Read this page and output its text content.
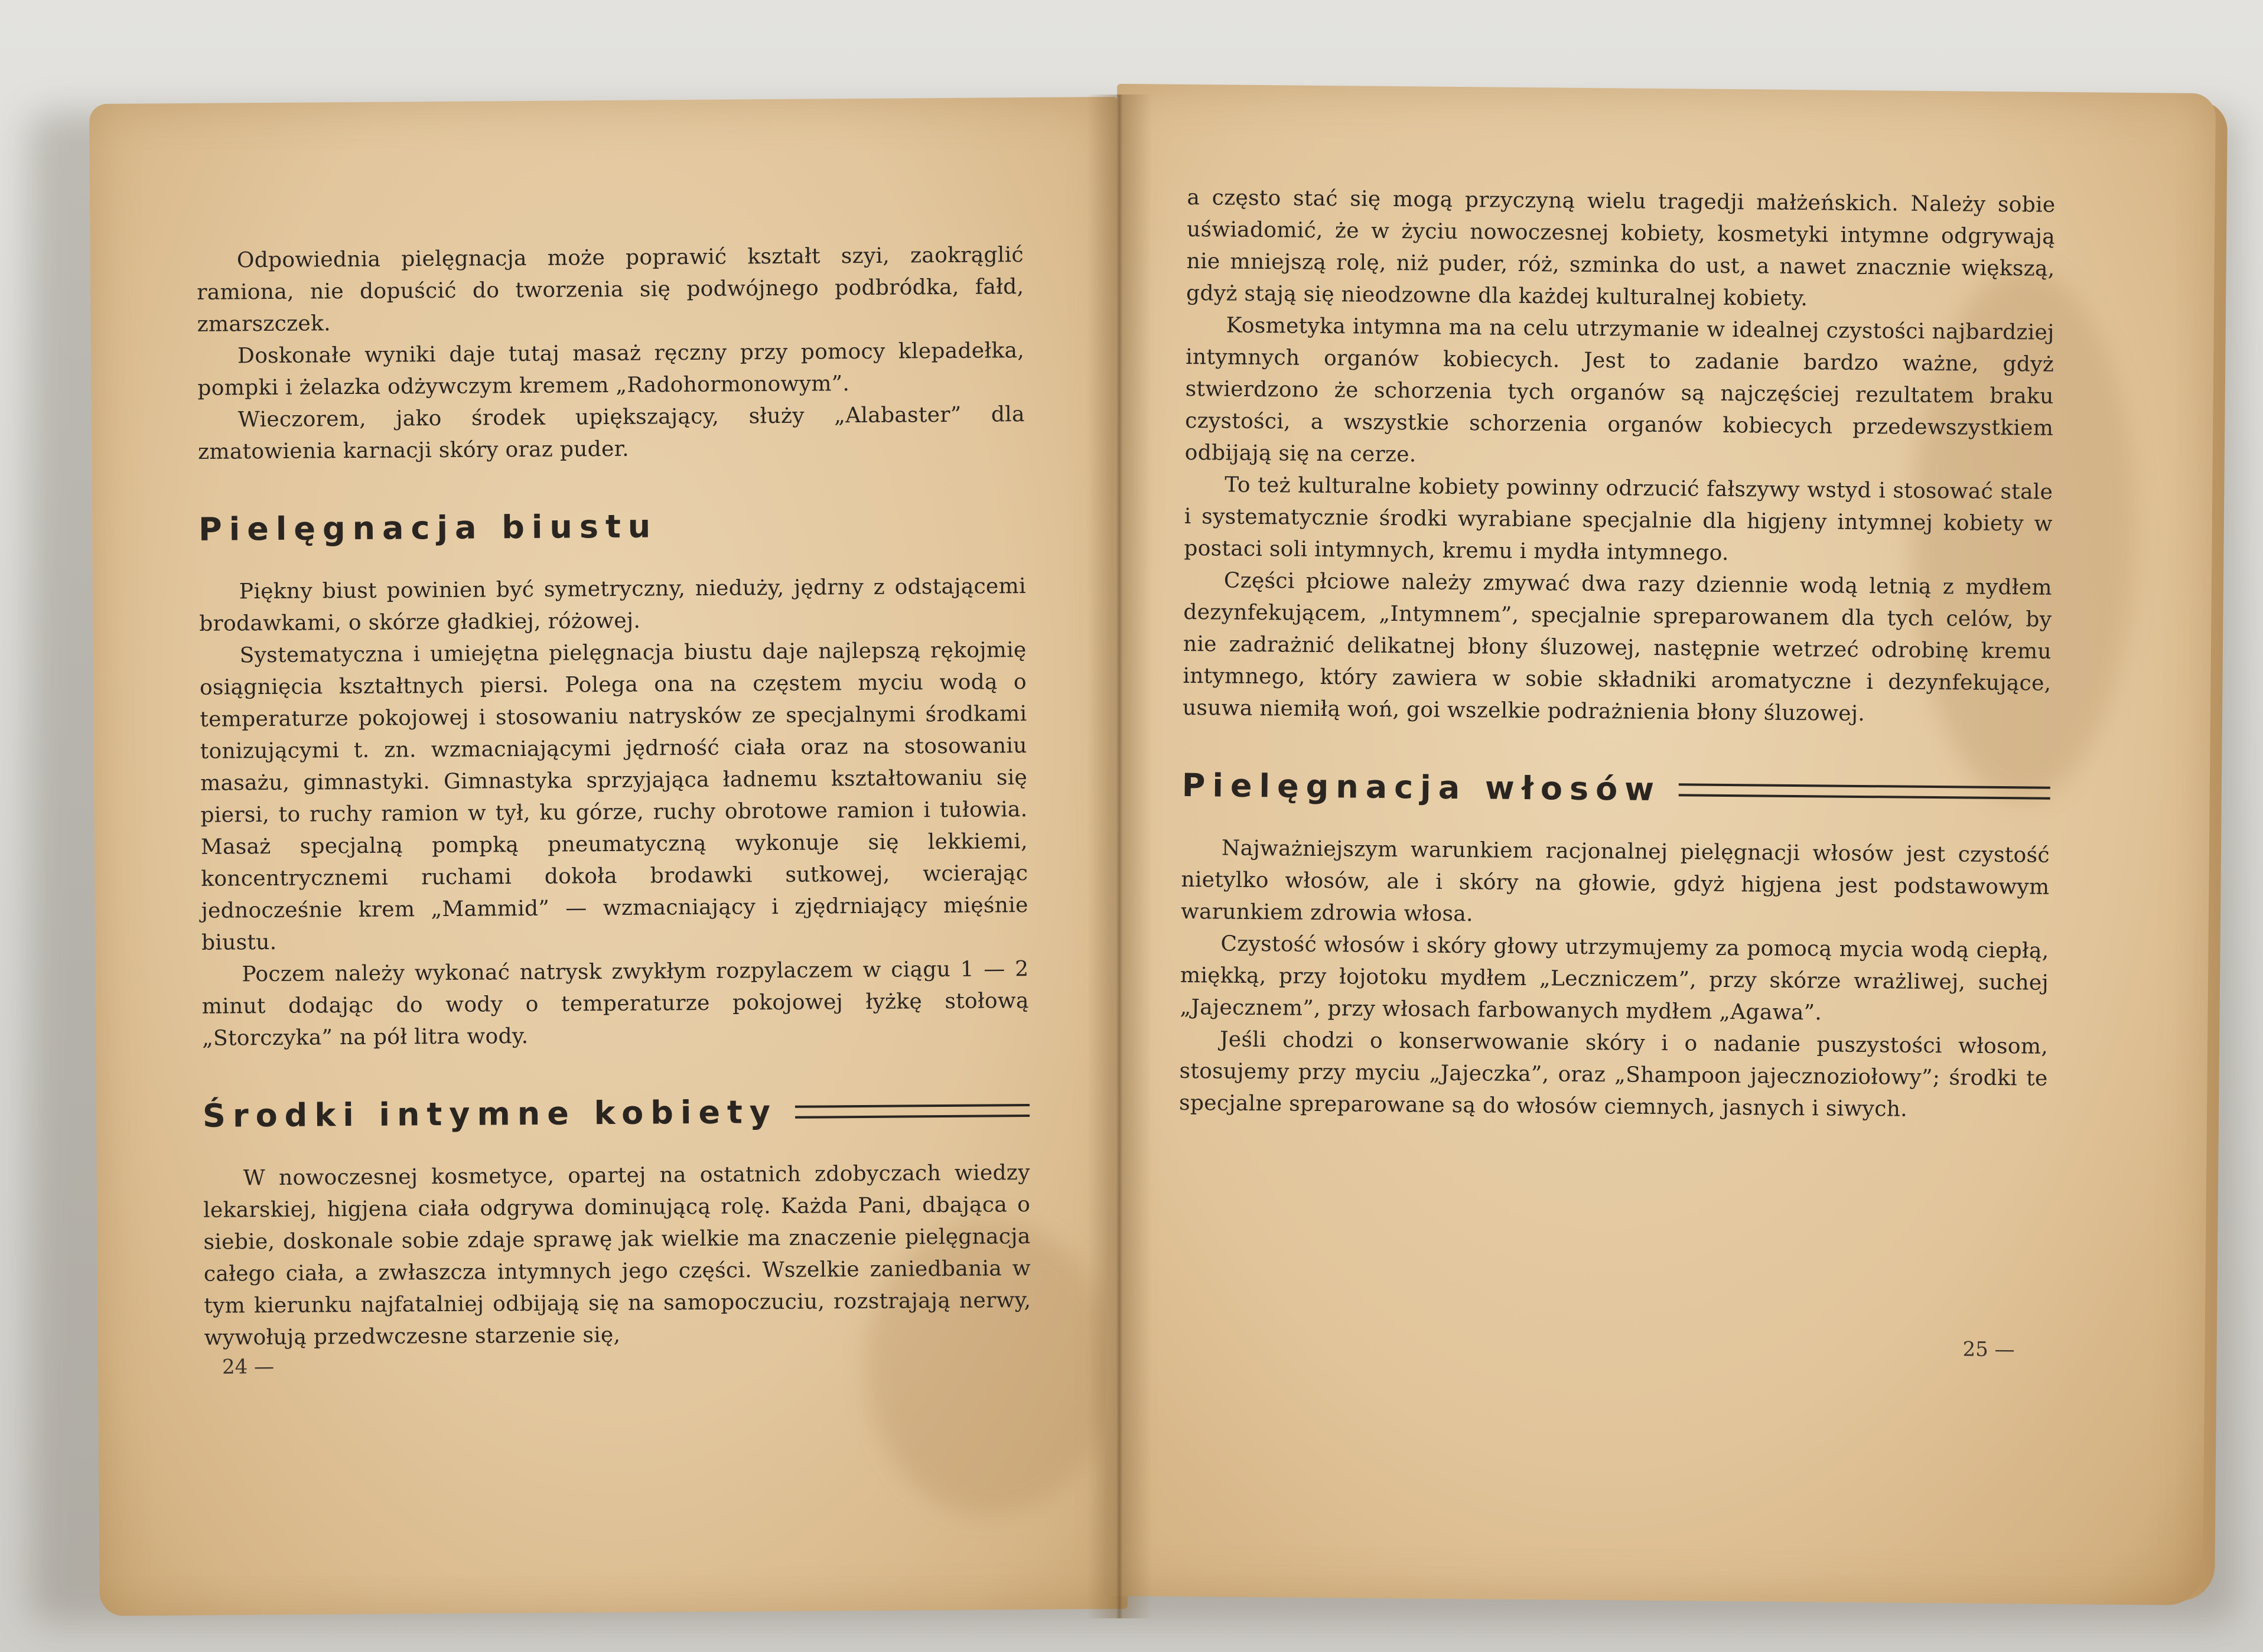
Odpowiednia pielęgnacja może poprawić kształt szyi, zaokrąglić ramiona, nie dopuścić do tworzenia się podwójnego podbródka, fałd, zmarszczek.

Doskonałe wyniki daje tutaj masaż ręczny przy pomocy klepadełka, pompki i żelazka odżywczym kremem „Radohormonowym”.

Wieczorem, jako środek upiększający, służy „Alabaster” dla zmatowienia karnacji skóry oraz puder.

Pielęgnacja biustu

Piękny biust powinien być symetryczny, nieduży, jędrny z odstającemi brodawkami, o skórze gładkiej, różowej.

Systematyczna i umiejętna pielęgnacja biustu daje najlepszą rękojmię osiągnięcia kształtnych piersi. Polega ona na częstem myciu wodą o temperaturze pokojowej i stosowaniu natrysków ze specjalnymi środkami tonizującymi t. zn. wzmacniającymi jędrność ciała oraz na stosowaniu masażu, gimnastyki. Gimnastyka sprzyjająca ładnemu kształtowaniu się piersi, to ruchy ramion w tył, ku górze, ruchy obrotowe ramion i tułowia. Masaż specjalną pompką pneumatyczną wykonuje się lekkiemi, koncentrycznemi ruchami dokoła brodawki sutkowej, wcierając jednocześnie krem „Mammid” — wzmacniający i zjędrniający mięśnie biustu.

Poczem należy wykonać natrysk zwykłym rozpylaczem w ciągu 1 — 2 minut dodając do wody o temperaturze pokojowej łyżkę stołową „Storczyka” na pół litra wody.

Środki intymne kobiety

W nowoczesnej kosmetyce, opartej na ostatnich zdobyczach wiedzy lekarskiej, higjena ciała odgrywa dominującą rolę. Każda Pani, dbająca o siebie, doskonale sobie zdaje sprawę jak wielkie ma znaczenie pielęgnacja całego ciała, a zwłaszcza intymnych jego części. Wszelkie zaniedbania w tym kierunku najfatalniej odbijają się na samopoczuciu, rozstrajają nerwy, wywołują przedwczesne starzenie się,

24 —

a często stać się mogą przyczyną wielu tragedji małżeńskich. Należy sobie uświadomić, że w życiu nowoczesnej kobiety, kosmetyki intymne odgrywają nie mniejszą rolę, niż puder, róż, szminka do ust, a nawet znacznie większą, gdyż stają się nieodzowne dla każdej kulturalnej kobiety.

Kosmetyka intymna ma na celu utrzymanie w idealnej czystości najbardziej intymnych organów kobiecych. Jest to zadanie bardzo ważne, gdyż stwierdzono że schorzenia tych organów są najczęściej rezultatem braku czystości, a wszystkie schorzenia organów kobiecych przedewszystkiem odbijają się na cerze.

To też kulturalne kobiety powinny odrzucić fałszywy wstyd i stosować stale i systematycznie środki wyrabiane specjalnie dla higjeny intymnej kobiety w postaci soli intymnych, kremu i mydła intymnego.

Części płciowe należy zmywać dwa razy dziennie wodą letnią z mydłem dezynfekującem, „Intymnem”, specjalnie spreparowanem dla tych celów, by nie zadrażnić delikatnej błony śluzowej, następnie wetrzeć odrobinę kremu intymnego, który zawiera w sobie składniki aromatyczne i dezynfekujące, usuwa niemiłą woń, goi wszelkie podrażnienia błony śluzowej.

Pielęgnacja włosów

Najważniejszym warunkiem racjonalnej pielęgnacji włosów jest czystość nietylko włosów, ale i skóry na głowie, gdyż higjena jest podstawowym warunkiem zdrowia włosa.

Czystość włosów i skóry głowy utrzymujemy za pomocą mycia wodą ciepłą, miękką, przy łojotoku mydłem „Leczniczem”, przy skórze wrażliwej, suchej „Jajecznem”, przy włosach farbowanych mydłem „Agawa”.

Jeśli chodzi o konserwowanie skóry i o nadanie puszystości włosom, stosujemy przy myciu „Jajeczka”, oraz „Shampoon jajecznoziołowy”; środki te specjalne spreparowane są do włosów ciemnych, jasnych i siwych.

25 —
